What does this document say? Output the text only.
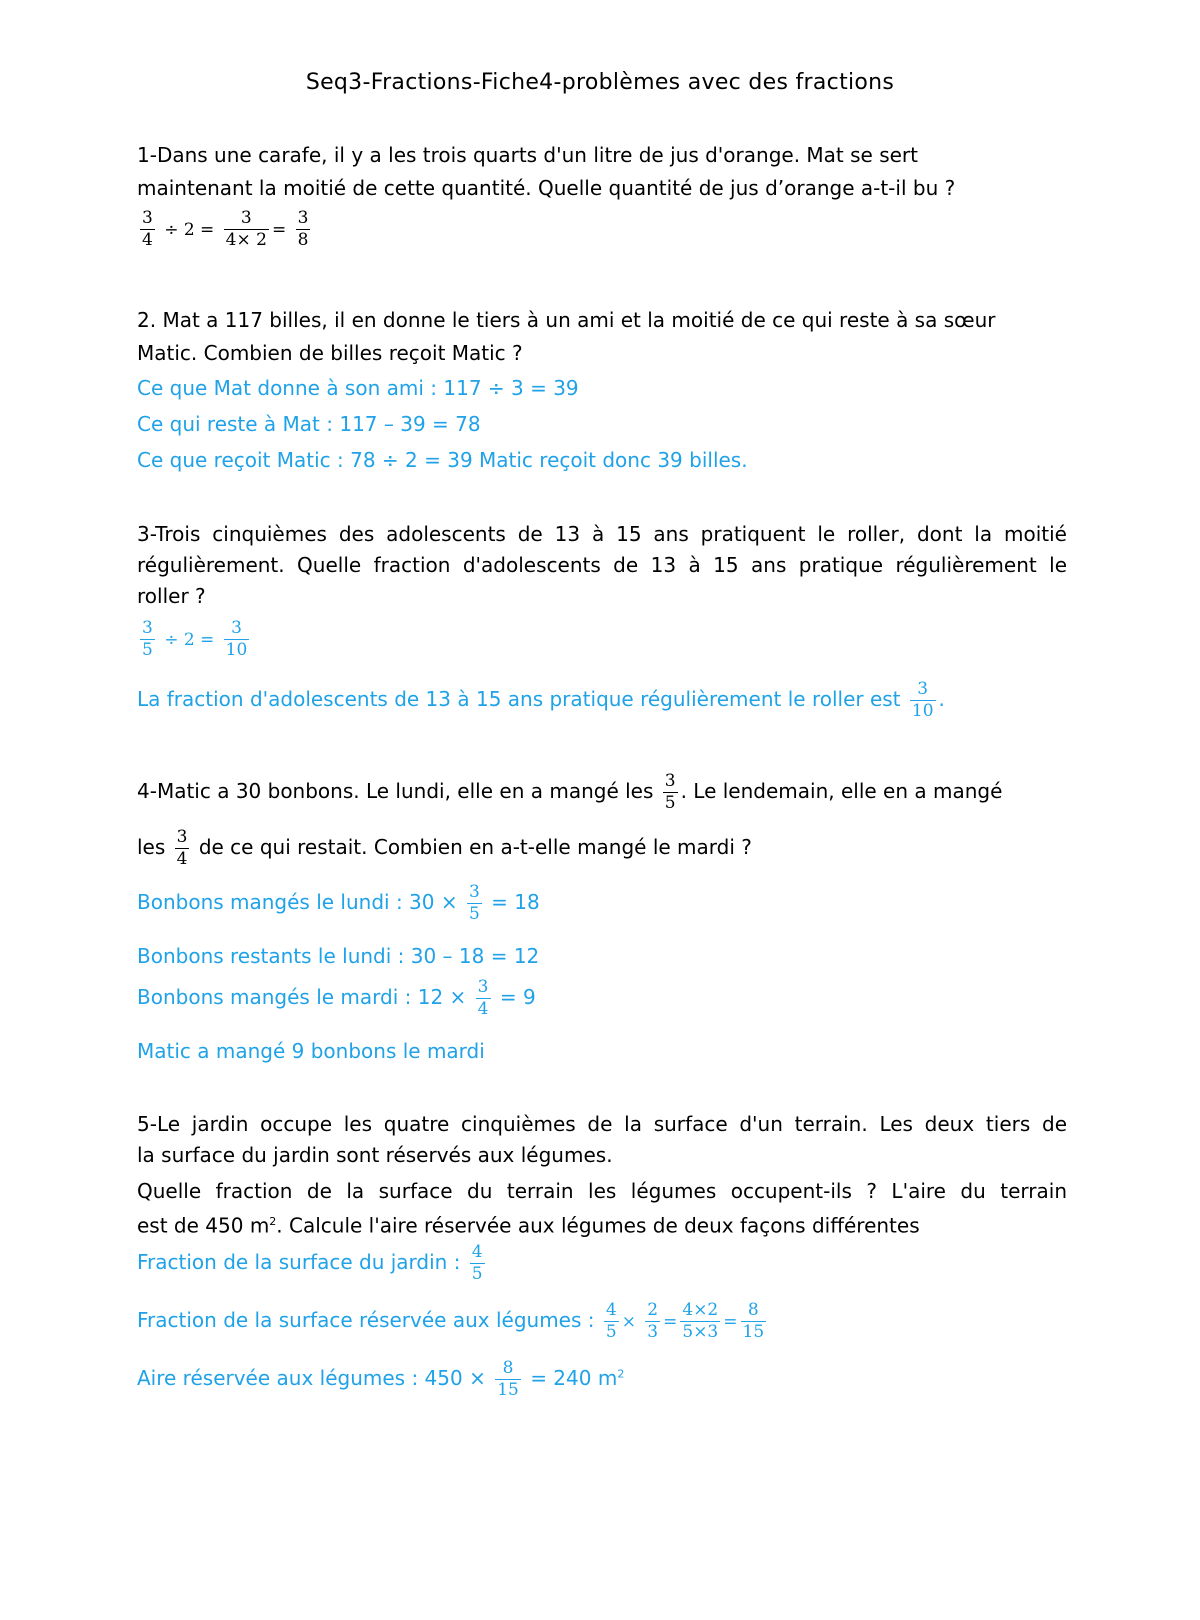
Seq3-Fractions-Fiche4-problèmes avec des fractions
1-Dans une carafe, il y a les trois quarts d'un litre de jus d'orange. Mat se sert
maintenant la moitié de cette quantité. Quelle quantité de jus d’orange a-t-il bu ?
$\frac{3}{4} \div 2 = \frac{3}{4\times 2} = \frac{3}{8}$
2. Mat a 117 billes, il en donne le tiers à un ami et la moitié de ce qui reste à sa sœur
Matic. Combien de billes reçoit Matic ?
Ce que Mat donne à son ami : 117 ÷ 3 = 39
Ce qui reste à Mat : 117 – 39 = 78
Ce que reçoit Matic : 78 ÷ 2 = 39 Matic reçoit donc 39 billes.
3-Trois cinquièmes des adolescents de 13 à 15 ans pratiquent le roller, dont la moitié
régulièrement. Quelle fraction d'adolescents de 13 à 15 ans pratique régulièrement le
roller ?
$\frac{3}{5} \div 2 = \frac{3}{10}$
La fraction d'adolescents de 13 à 15 ans pratique régulièrement le roller est $\frac{3}{10}$ .
4-Matic a 30 bonbons. Le lundi, elle en a mangé les $\frac{3}{5}$ . Le lendemain, elle en a mangé
les $\frac{3}{4}$ de ce qui restait. Combien en a-t-elle mangé le mardi ?
Bonbons mangés le lundi : $30 \times \frac{3}{5} = 18$
Bonbons restants le lundi : 30 – 18 = 12
Bonbons mangés le mardi : $12 \times \frac{3}{4} = 9$
Matic a mangé 9 bonbons le mardi
5-Le jardin occupe les quatre cinquièmes de la surface d'un terrain. Les deux tiers de
la surface du jardin sont réservés aux légumes.
Quelle fraction de la surface du terrain les légumes occupent-ils ? L'aire du terrain
est de 450 $m^2$. Calcule l'aire réservée aux légumes de deux façons différentes
Fraction de la surface du jardin : $\frac{4}{5}$
Fraction de la surface réservée aux légumes : $\frac{4}{5} \times \frac{2}{3} = \frac{4\times 2}{5\times 3} = \frac{8}{15}$
Aire réservée aux légumes : $450 \times \frac{8}{15} = 240$ $m^2$
